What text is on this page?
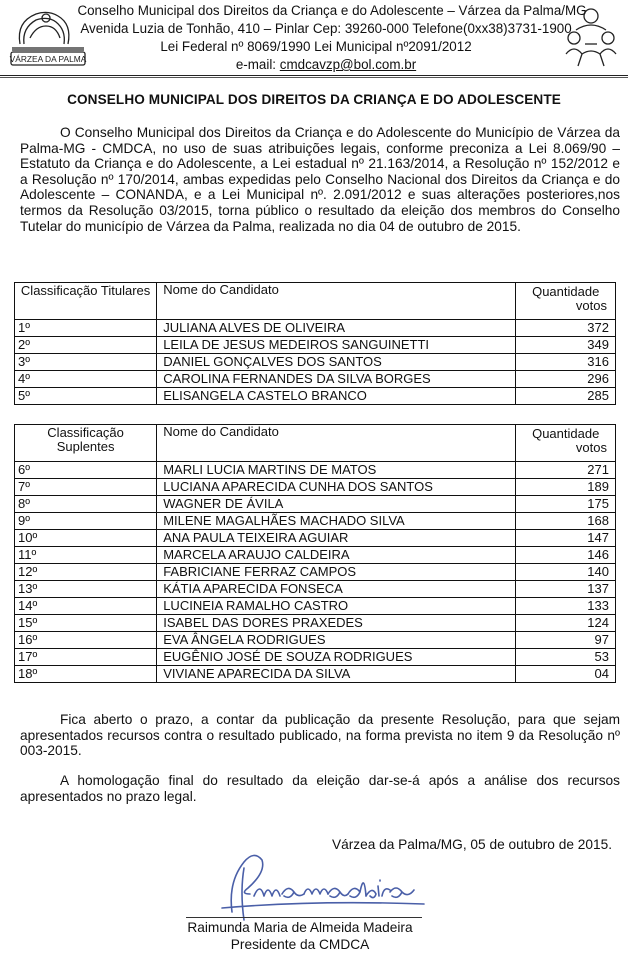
VÁRZEA DA PALMA
Conselho Municipal dos Direitos da Criança e do Adolescente – Várzea da Palma/MG
Avenida Luzia de Tonhão, 410 – Pinlar Cep: 39260-000 Telefone(0xx38)3731-1900
Lei Federal nº 8069/1990 Lei Municipal nº2091/2012
e-mail: cmdcavzp@bol.com.br
CONSELHO MUNICIPAL DOS DIREITOS DA CRIANÇA E DO ADOLESCENTE
O Conselho Municipal dos Direitos da Criança e do Adolescente do Município de Várzea da Palma-MG - CMDCA, no uso de suas atribuições legais, conforme preconiza a Lei 8.069/90 – Estatuto da Criança e do Adolescente, a Lei estadual nº 21.163/2014, a Resolução nº 152/2012 e a Resolução nº 170/2014, ambas expedidas pelo Conselho Nacional dos Direitos da Criança e do Adolescente – CONANDA, e a Lei Municipal nº. 2.091/2012 e suas alterações posteriores,nos termos da Resolução 03/2015, torna público o resultado da eleição dos membros do Conselho Tutelar do município de Várzea da Palma, realizada no dia 04 de outubro de 2015.
Classificação Titulares	Nome do Candidato	Quantidade
votos

1º	JULIANA ALVES DE OLIVEIRA	372
2º	LEILA DE JESUS MEDEIROS SANGUINETTI	349
3º	DANIEL GONÇALVES DOS SANTOS	316
4º	CAROLINA FERNANDES DA SILVA BORGES	296
5º	ELISANGELA CASTELO BRANCO	285
Classificação Suplentes	Nome do Candidato	Quantidade
votos

6º	MARLI LUCIA MARTINS DE MATOS	271
7º	LUCIANA APARECIDA CUNHA DOS SANTOS	189
8º	WAGNER DE ÁVILA	175
9º	MILENE MAGALHÃES MACHADO SILVA	168
10º	ANA PAULA TEIXEIRA AGUIAR	147
11º	MARCELA ARAUJO CALDEIRA	146
12º	FABRICIANE FERRAZ CAMPOS	140
13º	KÁTIA APARECIDA FONSECA	137
14º	LUCINEIA RAMALHO CASTRO	133
15º	ISABEL DAS DORES PRAXEDES	124
16º	EVA ÂNGELA RODRIGUES	97
17º	EUGÊNIO JOSÉ DE SOUZA RODRIGUES	53
18º	VIVIANE APARECIDA DA SILVA	04
Fica aberto o prazo, a contar da publicação da presente Resolução, para que sejam apresentados recursos contra o resultado publicado, na forma prevista no item 9 da Resolução nº 003-2015.
A homologação final do resultado da eleição dar-se-á após a análise dos recursos apresentados no prazo legal.
Várzea da Palma/MG, 05 de outubro de 2015.
Raimunda Maria de Almeida Madeira
Presidente da CMDCA
